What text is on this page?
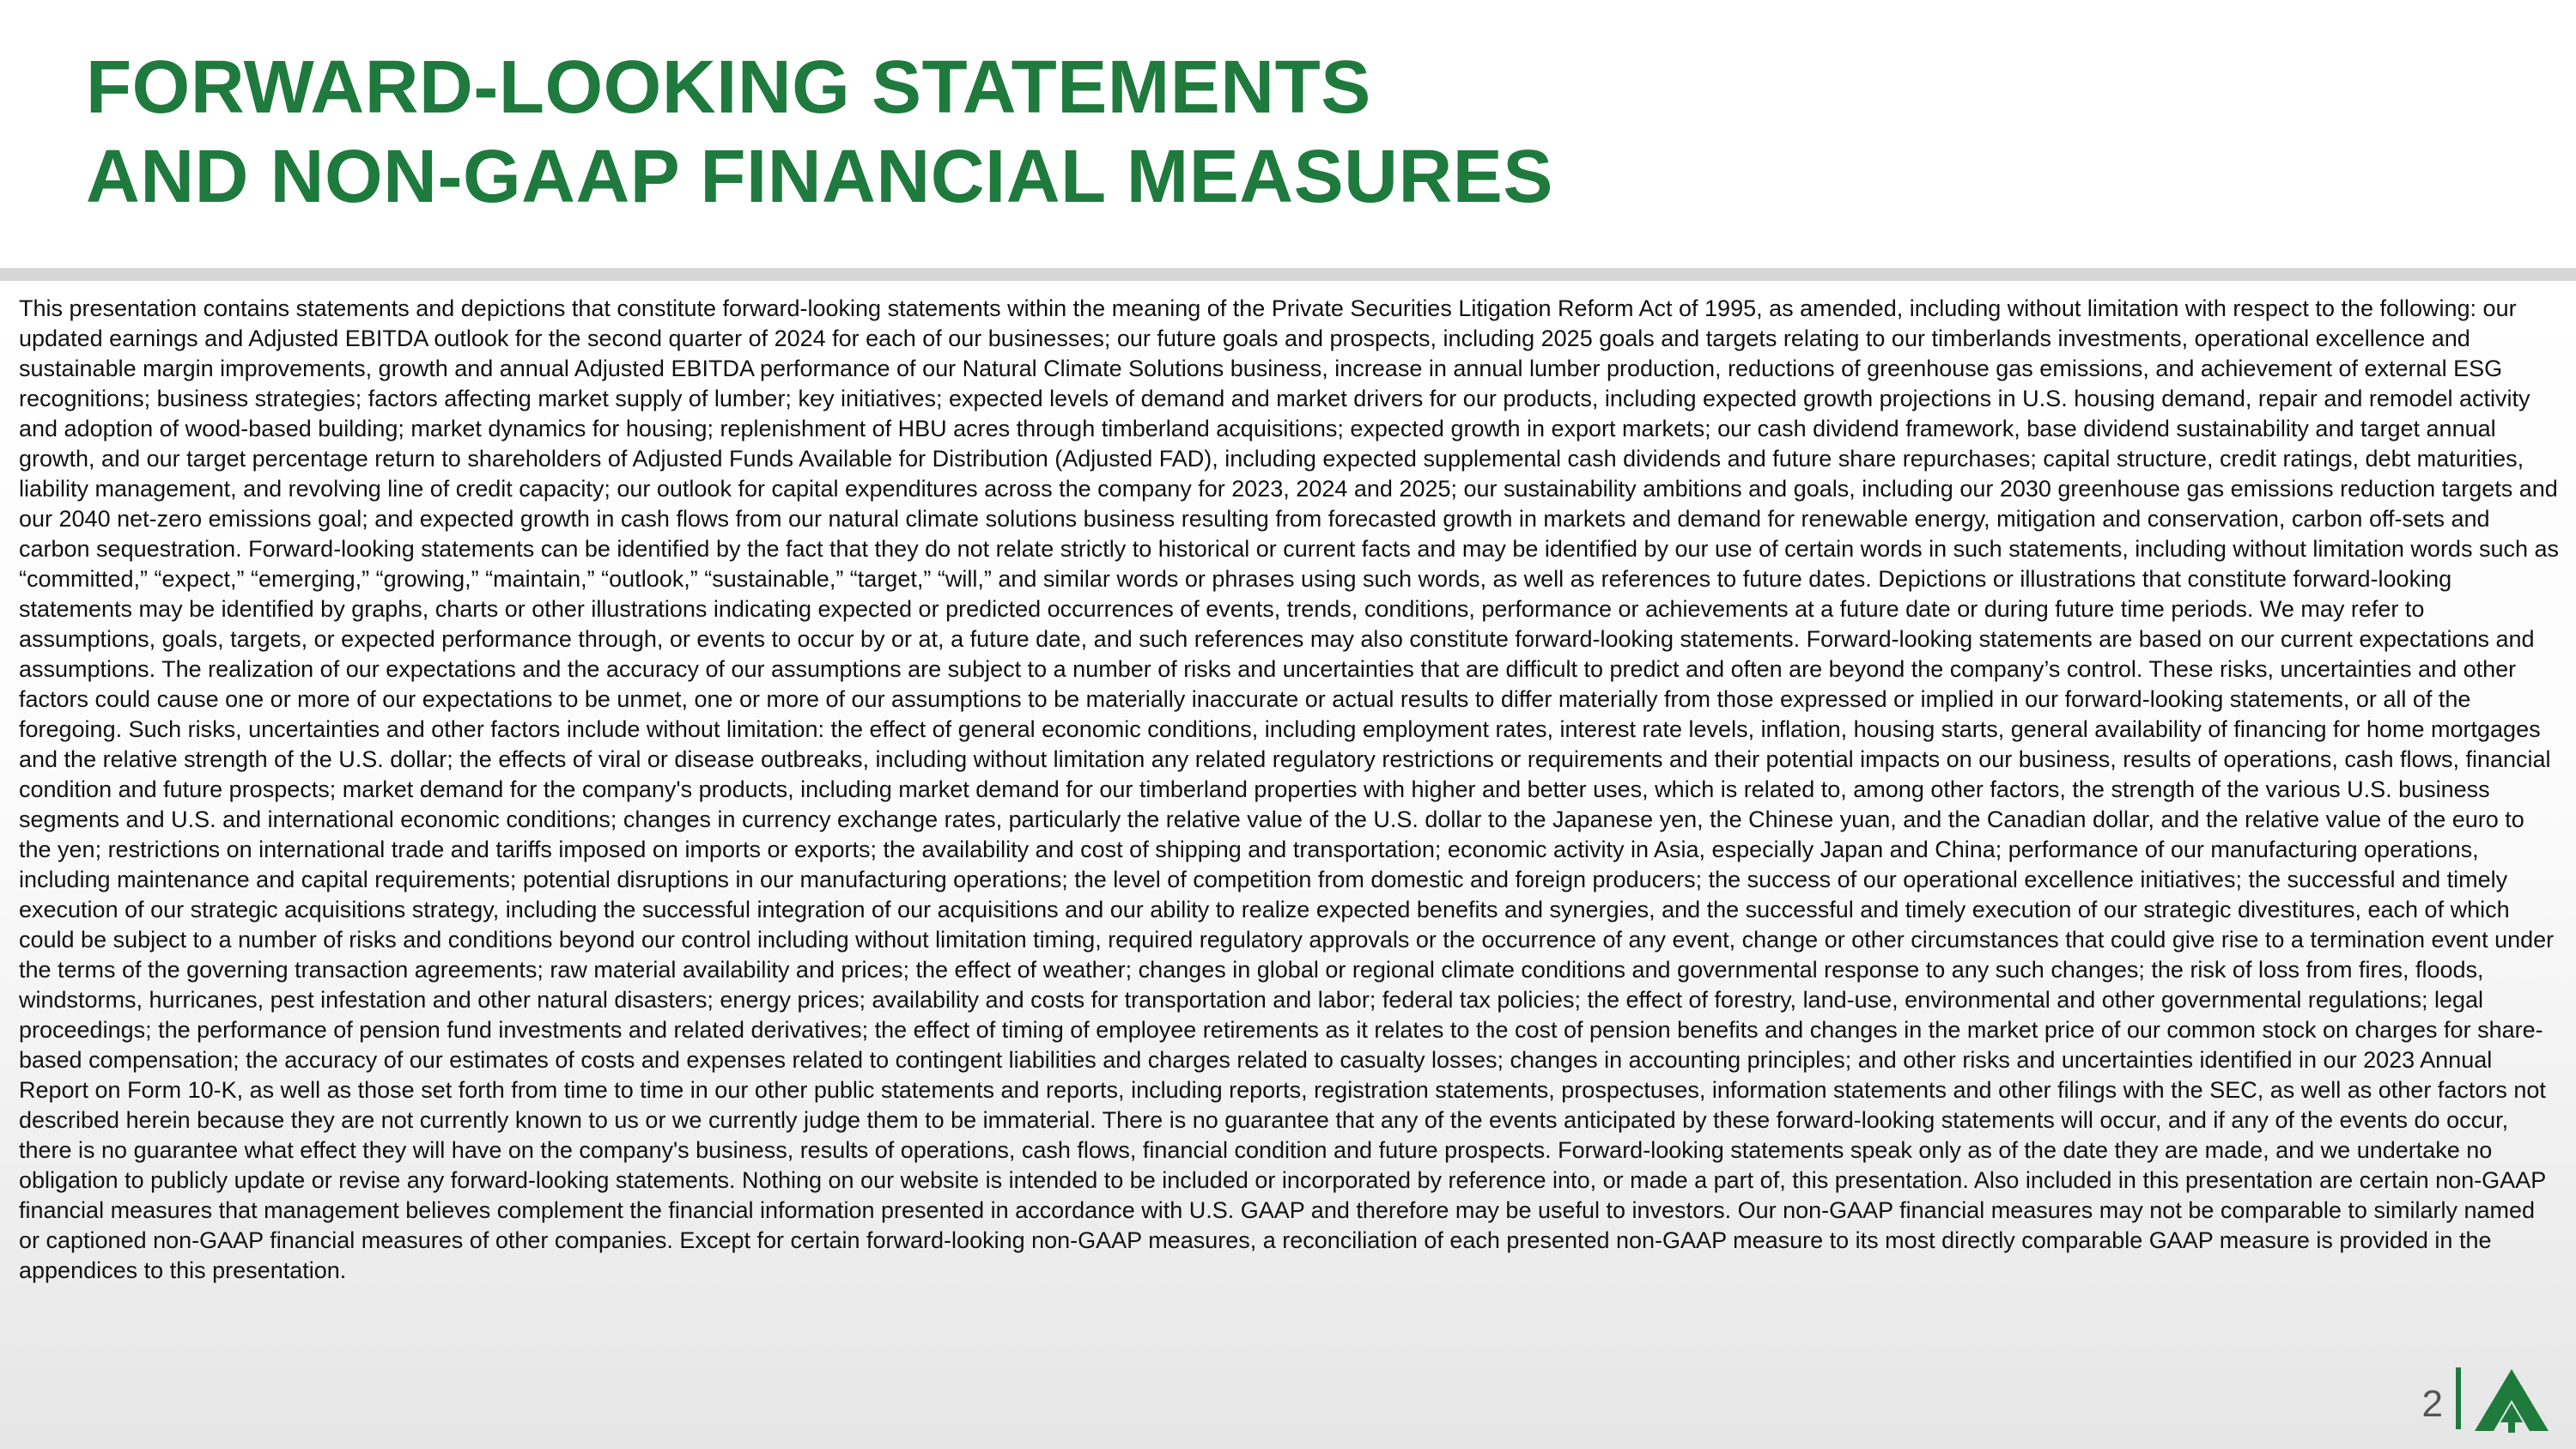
FORWARD-LOOKING STATEMENTS
AND NON-GAAP FINANCIAL MEASURES

This presentation contains statements and depictions that constitute forward-looking statements within the meaning of the Private Securities Litigation Reform Act of 1995, as amended, including without limitation with respect to the following: our updated earnings and Adjusted EBITDA outlook for the second quarter of 2024 for each of our businesses; our future goals and prospects, including 2025 goals and targets relating to our timberlands investments, operational excellence and sustainable margin improvements, growth and annual Adjusted EBITDA performance of our Natural Climate Solutions business, increase in annual lumber production, reductions of greenhouse gas emissions, and achievement of external ESG recognitions; business strategies; factors affecting market supply of lumber; key initiatives; expected levels of demand and market drivers for our products, including expected growth projections in U.S. housing demand, repair and remodel activity and adoption of wood-based building; market dynamics for housing; replenishment of HBU acres through timberland acquisitions; expected growth in export markets; our cash dividend framework, base dividend sustainability and target annual growth, and our target percentage return to shareholders of Adjusted Funds Available for Distribution (Adjusted FAD), including expected supplemental cash dividends and future share repurchases; capital structure, credit ratings, debt maturities, liability management, and revolving line of credit capacity; our outlook for capital expenditures across the company for 2023, 2024 and 2025; our sustainability ambitions and goals, including our 2030 greenhouse gas emissions reduction targets and our 2040 net-zero emissions goal; and expected growth in cash flows from our natural climate solutions business resulting from forecasted growth in markets and demand for renewable energy, mitigation and conservation, carbon off-sets and carbon sequestration. Forward-looking statements can be identified by the fact that they do not relate strictly to historical or current facts and may be identified by our use of certain words in such statements, including without limitation words such as “committed,” “expect,” “emerging,” “growing,” “maintain,” “outlook,” “sustainable,” “target,” “will,” and similar words or phrases using such words, as well as references to future dates. Depictions or illustrations that constitute forward-looking statements may be identified by graphs, charts or other illustrations indicating expected or predicted occurrences of events, trends, conditions, performance or achievements at a future date or during future time periods. We may refer to assumptions, goals, targets, or expected performance through, or events to occur by or at, a future date, and such references may also constitute forward-looking statements. Forward-looking statements are based on our current expectations and assumptions. The realization of our expectations and the accuracy of our assumptions are subject to a number of risks and uncertainties that are difficult to predict and often are beyond the company’s control. These risks, uncertainties and other factors could cause one or more of our expectations to be unmet, one or more of our assumptions to be materially inaccurate or actual results to differ materially from those expressed or implied in our forward-looking statements, or all of the foregoing. Such risks, uncertainties and other factors include without limitation: the effect of general economic conditions, including employment rates, interest rate levels, inflation, housing starts, general availability of financing for home mortgages and the relative strength of the U.S. dollar; the effects of viral or disease outbreaks, including without limitation any related regulatory restrictions or requirements and their potential impacts on our business, results of operations, cash flows, financial condition and future prospects; market demand for the company's products, including market demand for our timberland properties with higher and better uses, which is related to, among other factors, the strength of the various U.S. business segments and U.S. and international economic conditions; changes in currency exchange rates, particularly the relative value of the U.S. dollar to the Japanese yen, the Chinese yuan, and the Canadian dollar, and the relative value of the euro to the yen; restrictions on international trade and tariffs imposed on imports or exports; the availability and cost of shipping and transportation; economic activity in Asia, especially Japan and China; performance of our manufacturing operations, including maintenance and capital requirements; potential disruptions in our manufacturing operations; the level of competition from domestic and foreign producers; the success of our operational excellence initiatives; the successful and timely execution of our strategic acquisitions strategy, including the successful integration of our acquisitions and our ability to realize expected benefits and synergies, and the successful and timely execution of our strategic divestitures, each of which could be subject to a number of risks and conditions beyond our control including without limitation timing, required regulatory approvals or the occurrence of any event, change or other circumstances that could give rise to a termination event under the terms of the governing transaction agreements; raw material availability and prices; the effect of weather; changes in global or regional climate conditions and governmental response to any such changes; the risk of loss from fires, floods, windstorms, hurricanes, pest infestation and other natural disasters; energy prices; availability and costs for transportation and labor; federal tax policies; the effect of forestry, land-use, environmental and other governmental regulations; legal proceedings; the performance of pension fund investments and related derivatives; the effect of timing of employee retirements as it relates to the cost of pension benefits and changes in the market price of our common stock on charges for share-based compensation; the accuracy of our estimates of costs and expenses related to contingent liabilities and charges related to casualty losses; changes in accounting principles; and other risks and uncertainties identified in our 2023 Annual Report on Form 10-K, as well as those set forth from time to time in our other public statements and reports, including reports, registration statements, prospectuses, information statements and other filings with the SEC, as well as other factors not described herein because they are not currently known to us or we currently judge them to be immaterial. There is no guarantee that any of the events anticipated by these forward-looking statements will occur, and if any of the events do occur, there is no guarantee what effect they will have on the company's business, results of operations, cash flows, financial condition and future prospects. Forward-looking statements speak only as of the date they are made, and we undertake no obligation to publicly update or revise any forward-looking statements. Nothing on our website is intended to be included or incorporated by reference into, or made a part of, this presentation. Also included in this presentation are certain non-GAAP financial measures that management believes complement the financial information presented in accordance with U.S. GAAP and therefore may be useful to investors. Our non-GAAP financial measures may not be comparable to similarly named or captioned non-GAAP financial measures of other companies. Except for certain forward-looking non-GAAP measures, a reconciliation of each presented non-GAAP measure to its most directly comparable GAAP measure is provided in the appendices to this presentation.

2
